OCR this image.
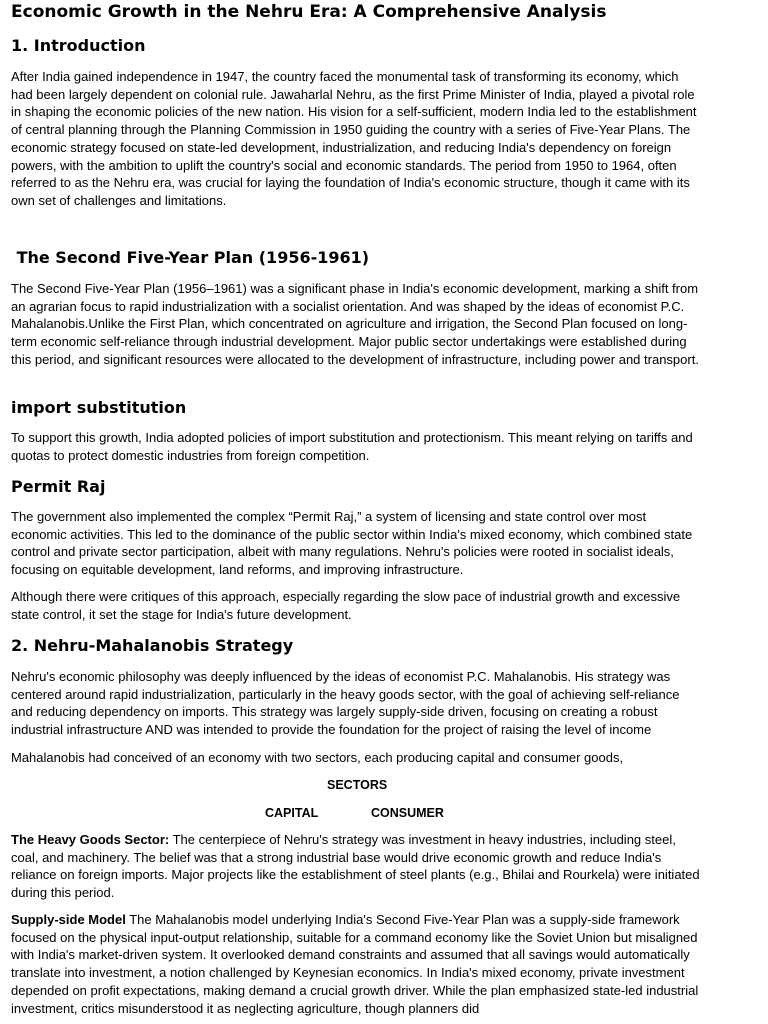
Economic Growth in the Nehru Era: A Comprehensive Analysis
1. Introduction

After India gained independence in 1947, the country faced the monumental task of transforming its economy, which had been largely dependent on colonial rule. Jawaharlal Nehru, as the first Prime Minister of India, played a pivotal role in shaping the economic policies of the new nation. His vision for a self-sufficient, modern India led to the establishment of central planning through the Planning Commission in 1950 guiding the country with a series of Five-Year Plans. The economic strategy focused on state-led development, industrialization, and reducing India's dependency on foreign powers, with the ambition to uplift the country's social and economic standards. The period from 1950 to 1964, often referred to as the Nehru era, was crucial for laying the foundation of India's economic structure, though it came with its own set of challenges and limitations.

The Second Five-Year Plan (1956-1961)

The Second Five-Year Plan (1956–1961) was a significant phase in India's economic development, marking a shift from an agrarian focus to rapid industrialization with a socialist orientation. And was shaped by the ideas of economist P.C. Mahalanobis.Unlike the First Plan, which concentrated on agriculture and irrigation, the Second Plan focused on long-term economic self-reliance through industrial development. Major public sector undertakings were established during this period, and significant resources were allocated to the development of infrastructure, including power and transport.

import substitution

To support this growth, India adopted policies of import substitution and protectionism. This meant relying on tariffs and quotas to protect domestic industries from foreign competition.

Permit Raj

The government also implemented the complex “Permit Raj,” a system of licensing and state control over most economic activities. This led to the dominance of the public sector within India's mixed economy, which combined state control and private sector participation, albeit with many regulations. Nehru's policies were rooted in socialist ideals, focusing on equitable development, land reforms, and improving infrastructure.

Although there were critiques of this approach, especially regarding the slow pace of industrial growth and excessive state control, it set the stage for India's future development.

2. Nehru-Mahalanobis Strategy

Nehru's economic philosophy was deeply influenced by the ideas of economist P.C. Mahalanobis. His strategy was centered around rapid industrialization, particularly in the heavy goods sector, with the goal of achieving self-reliance and reducing dependency on imports. This strategy was largely supply-side driven, focusing on creating a robust industrial infrastructure AND was intended to provide the foundation for the project of raising the level of income

Mahalanobis had conceived of an economy with two sectors, each producing capital and consumer goods,

SECTORS
CAPITAL	CONSUMER

The Heavy Goods Sector: The centerpiece of Nehru's strategy was investment in heavy industries, including steel, coal, and machinery. The belief was that a strong industrial base would drive economic growth and reduce India's reliance on foreign imports. Major projects like the establishment of steel plants (e.g., Bhilai and Rourkela) were initiated during this period.

Supply-side Model The Mahalanobis model underlying India's Second Five-Year Plan was a supply-side framework focused on the physical input-output relationship, suitable for a command economy like the Soviet Union but misaligned with India's market-driven system. It overlooked demand constraints and assumed that all savings would automatically translate into investment, a notion challenged by Keynesian economics. In India's mixed economy, private investment depended on profit expectations, making demand a crucial growth driver. While the plan emphasized state-led industrial investment, critics misunderstood it as neglecting agriculture, though planners did
